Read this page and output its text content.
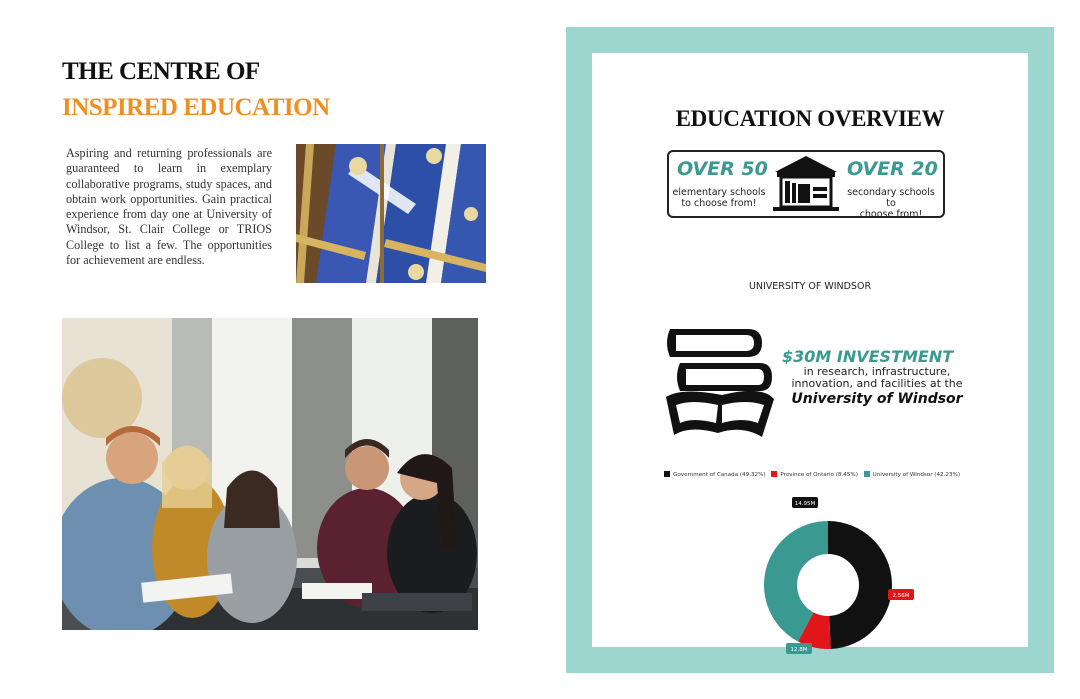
THE CENTRE OF
INSPIRED EDUCATION
Aspiring and returning professionals are guaranteed to learn in exemplary collaborative programs, study spaces, and obtain work opportunities. Gain practical experience from day one at University of Windsor, St. Clair College or TRIOS College to list a few. The opportunities for achievement are endless.
EDUCATION OVERVIEW
OVER 50
elementary schools
to choose from!
OVER 20
secondary schools to
choose from!
UNIVERSITY OF WINDSOR
$30M INVESTMENT
in research, infrastructure,
innovation, and facilities at the
University of Windsor
Government of Canada (49.32%)	Province of Ontario (8.45%)	University of Windsor (42.23%)
14.95M
2.56M
12.8M
